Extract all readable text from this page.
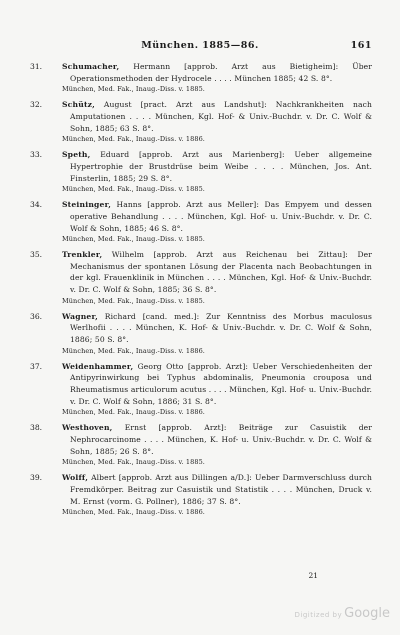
München. 1885—86.	161
31.	Schumacher, Hermann [approb. Arzt aus Bietigheim]: Über Operationsmethoden der Hydrocele . . . . München 1885; 42 S. 8°.
München, Med. Fak., Inaug.-Diss. v. 1885.
32.	Schütz, August [pract. Arzt aus Landshut]: Nachkrankheiten nach Amputationen . . . . München, Kgl. Hof- & Univ.-Buchdr. v. Dr. C. Wolf & Sohn, 1885; 63 S. 8°.
München, Med. Fak., Inaug.-Diss. v. 1886.
33.	Speth, Eduard [approb. Arzt aus Marienberg]: Ueber allgemeine Hypertrophie der Brustdrüse beim Weibe . . . . München, Jos. Ant. Finsterlin, 1885; 29 S. 8°.
München, Med. Fak., Inaug.-Diss. v. 1885.
34.	Steininger, Hanns [approb. Arzt aus Meller]: Das Empyem und dessen operative Behandlung . . . . München, Kgl. Hof- u. Univ.-Buchdr. v. Dr. C. Wolf & Sohn, 1885; 46 S. 8°.
München, Med. Fak., Inaug.-Diss. v. 1885.
35.	Trenkler, Wilhelm [approb. Arzt aus Reichenau bei Zittau]: Der Mechanismus der spontanen Lösung der Placenta nach Beobachtungen in der kgl. Frauenklinik in München . . . . München, Kgl. Hof- & Univ.-Buchdr. v. Dr. C. Wolf & Sohn, 1885; 36 S. 8°.
München, Med. Fak., Inaug.-Diss. v. 1885.
36.	Wagner, Richard [cand. med.]: Zur Kenntniss des Morbus maculosus Werlhofii . . . . München, K. Hof- & Univ.-Buchdr. v. Dr. C. Wolf & Sohn, 1886; 50 S. 8°.
München, Med. Fak., Inaug.-Diss. v. 1886.
37.	Weidenhammer, Georg Otto [approb. Arzt]: Ueber Verschiedenheiten der Antipyrinwirkung bei Typhus abdominalis, Pneumonia crouposa und Rheumatismus articulorum acutus . . . . München, Kgl. Hof- u. Univ.-Buchdr. v. Dr. C. Wolf & Sohn, 1886; 31 S. 8°.
München, Med. Fak., Inaug.-Diss. v. 1886.
38.	Westhoven, Ernst [approb. Arzt]: Beiträge zur Casuistik der Nephrocarcinome . . . . München, K. Hof- u. Univ.-Buchdr. v. Dr. C. Wolf & Sohn, 1885; 26 S. 8°.
München, Med. Fak., Inaug.-Diss. v. 1885.
39.	Wolff, Albert [approb. Arzt aus Dillingen a/D.]: Ueber Darmverschluss durch Fremdkörper. Beitrag zur Casuistik und Statistik . . . . München, Druck v. M. Ernst (vorm. G. Pollner), 1886; 37 S. 8°.
München, Med. Fak., Inaug.-Diss. v. 1886.
21
Digitized by Google
